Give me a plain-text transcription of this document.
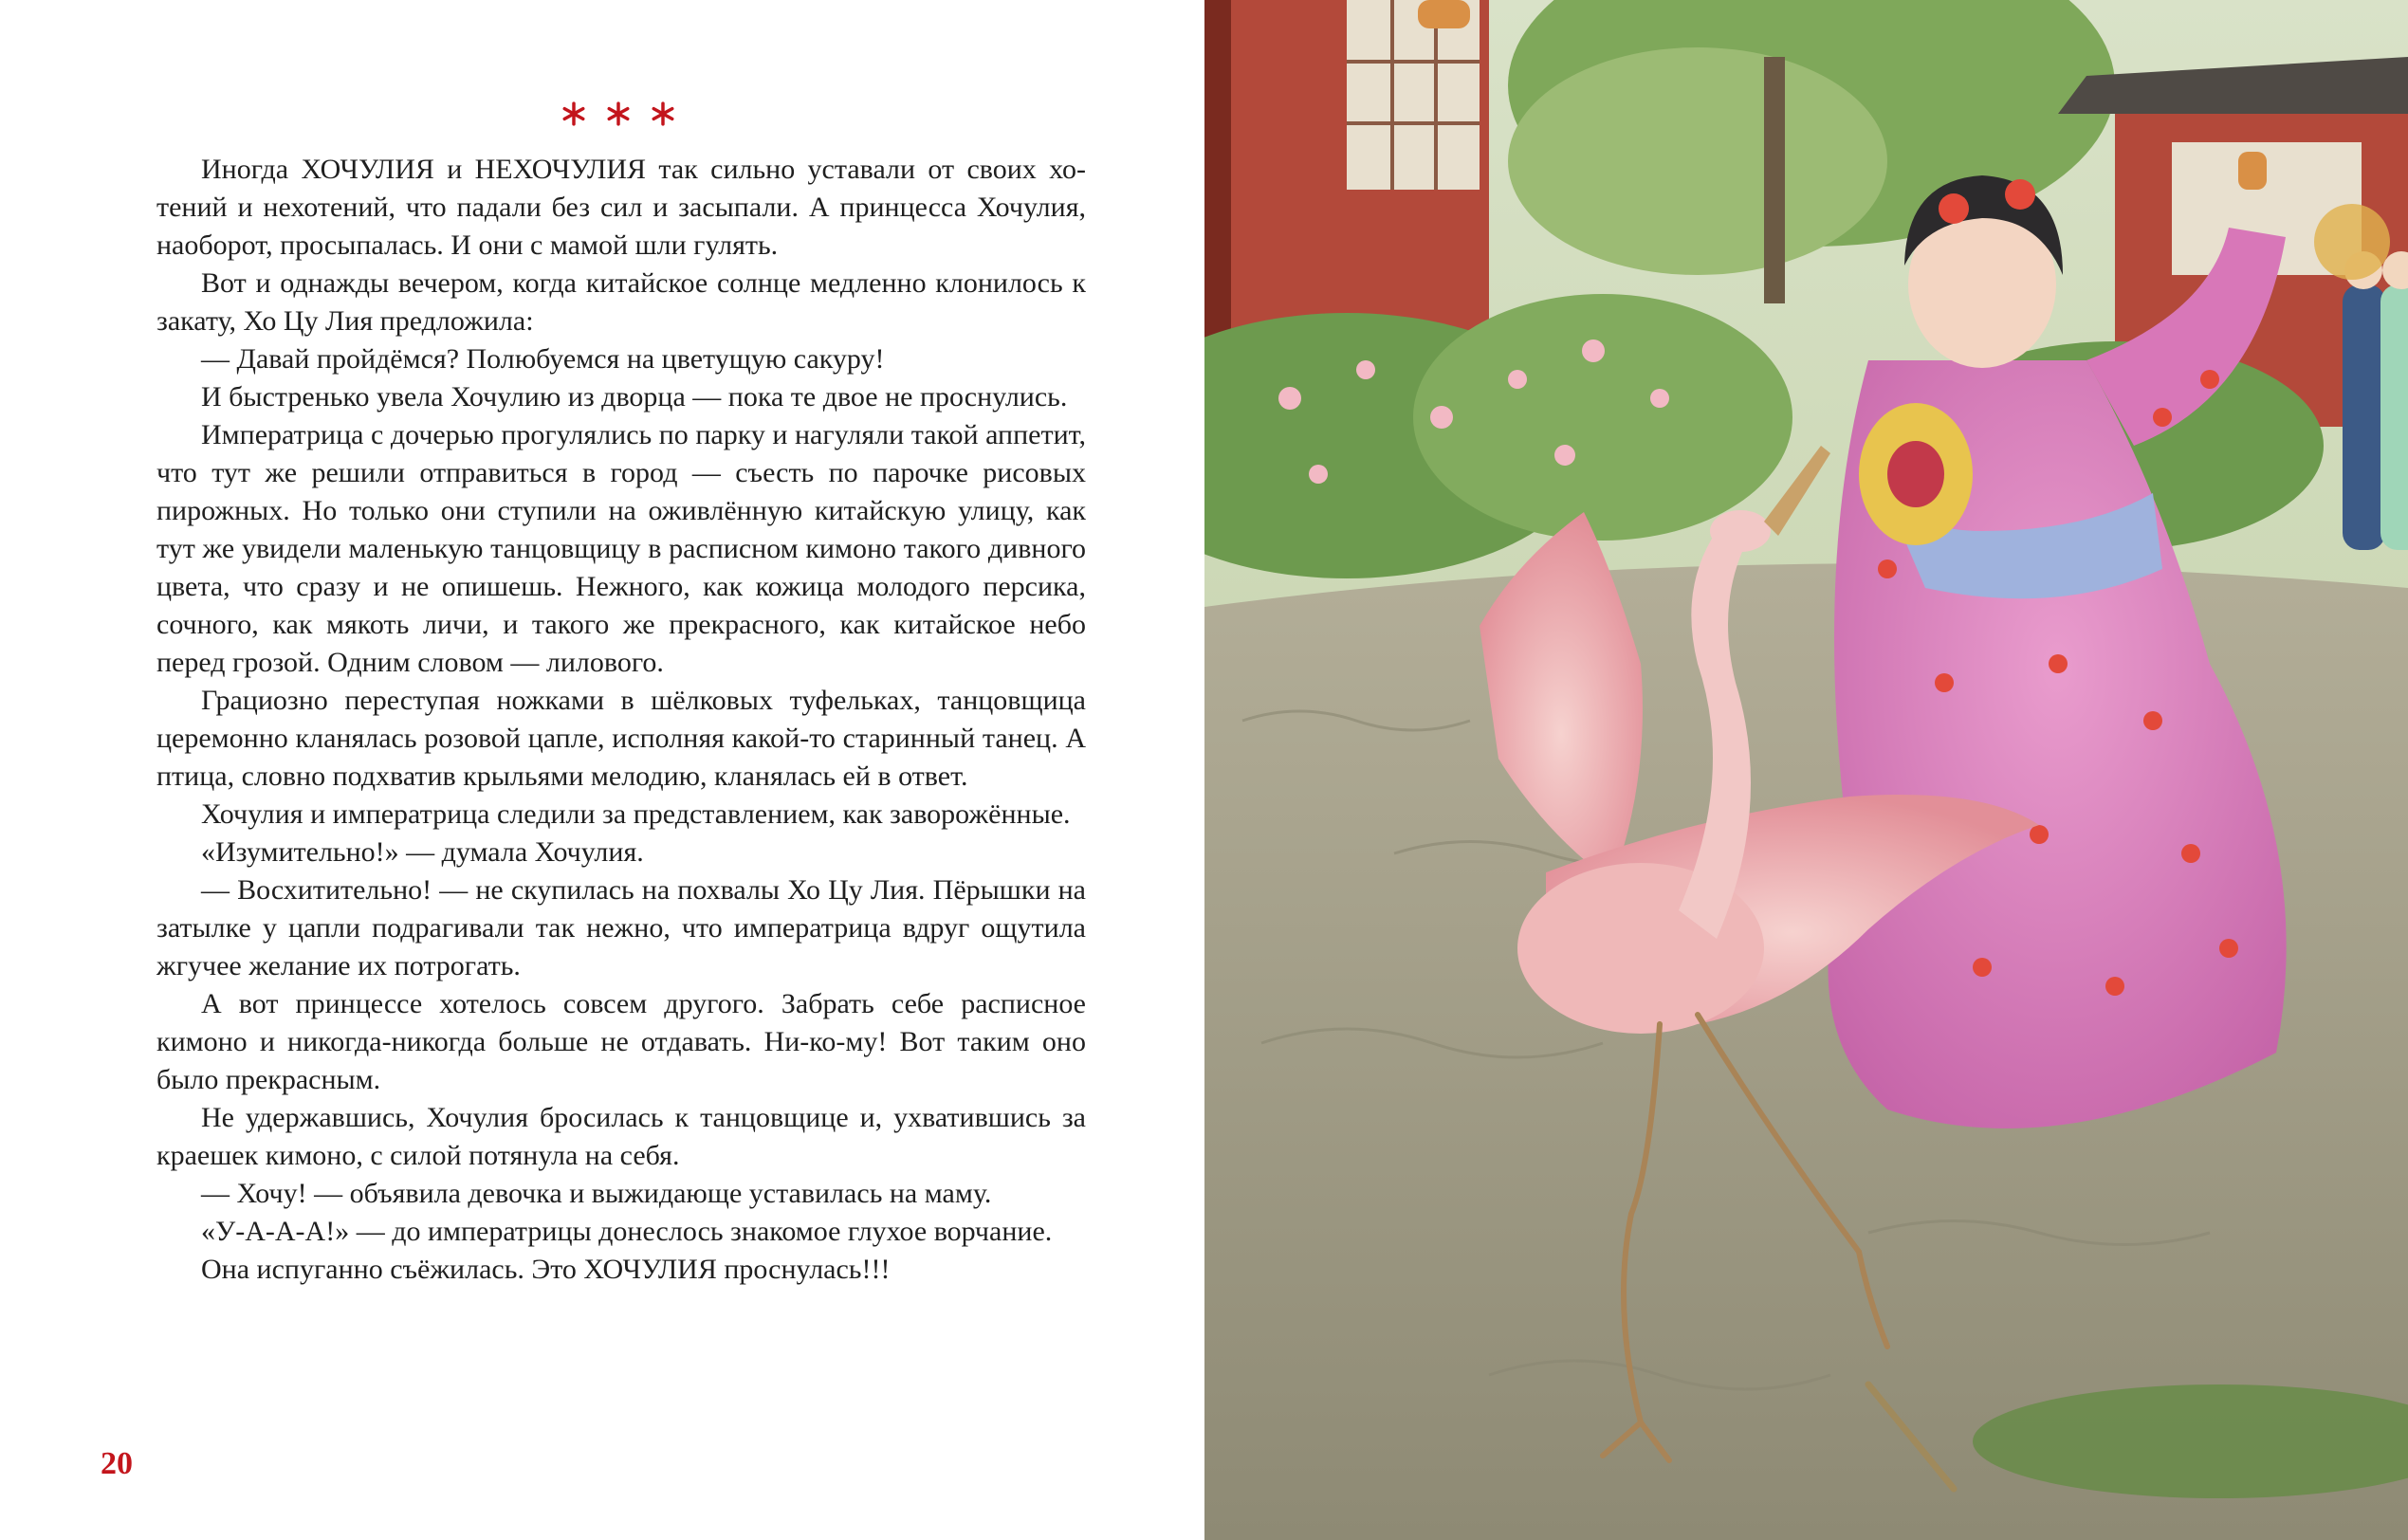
Иногда ХОЧУЛИЯ и НЕХОЧУЛИЯ так сильно уставали от своих хотений и нехотений, что падали без сил и засыпали. А принцесса Хочулия, наоборот, просыпалась. И они с мамой шли гулять.

Вот и однажды вечером, когда китайское солнце медленно клонилось к закату, Хо Цу Лия предложила:

— Давай пройдёмся? Полюбуемся на цветущую сакуру!

И быстренько увела Хочулию из дворца — пока те двое не проснулись.

Императрица с дочерью прогулялись по парку и нагуляли такой аппетит, что тут же решили отправиться в город — съесть по парочке рисовых пирожных. Но только они ступили на оживлённую китайскую улицу, как тут же увидели маленькую танцовщицу в расписном кимоно такого дивного цвета, что сразу и не опишешь. Нежного, как кожица молодого персика, сочного, как мякоть личи, и такого же прекрасного, как китайское небо перед грозой. Одним словом — лилового.

Грациозно переступая ножками в шёлковых туфельках, танцовщица церемонно кланялась розовой цапле, исполняя какой-то старинный танец. А птица, словно подхватив крыльями мелодию, кланялась ей в ответ.

Хочулия и императрица следили за представлением, как заворожённые.

«Изумительно!» — думала Хочулия.

— Восхитительно! — не скупилась на похвалы Хо Цу Лия. Пёрышки на затылке у цапли подрагивали так нежно, что императрица вдруг ощутила жгучее желание их потрогать.

А вот принцессе хотелось совсем другого. Забрать себе расписное кимоно и никогда-никогда больше не отдавать. Ни-ко-му! Вот таким оно было прекрасным.

Не удержавшись, Хочулия бросилась к танцовщице и, ухватившись за краешек кимоно, с силой потянула на себя.

— Хочу! — объявила девочка и выжидающе уставилась на маму.

«У-А-А-А!» — до императрицы донеслось знакомое глухое ворчание.

Она испуганно съёжилась. Это ХОЧУЛИЯ проснулась!!!

20
